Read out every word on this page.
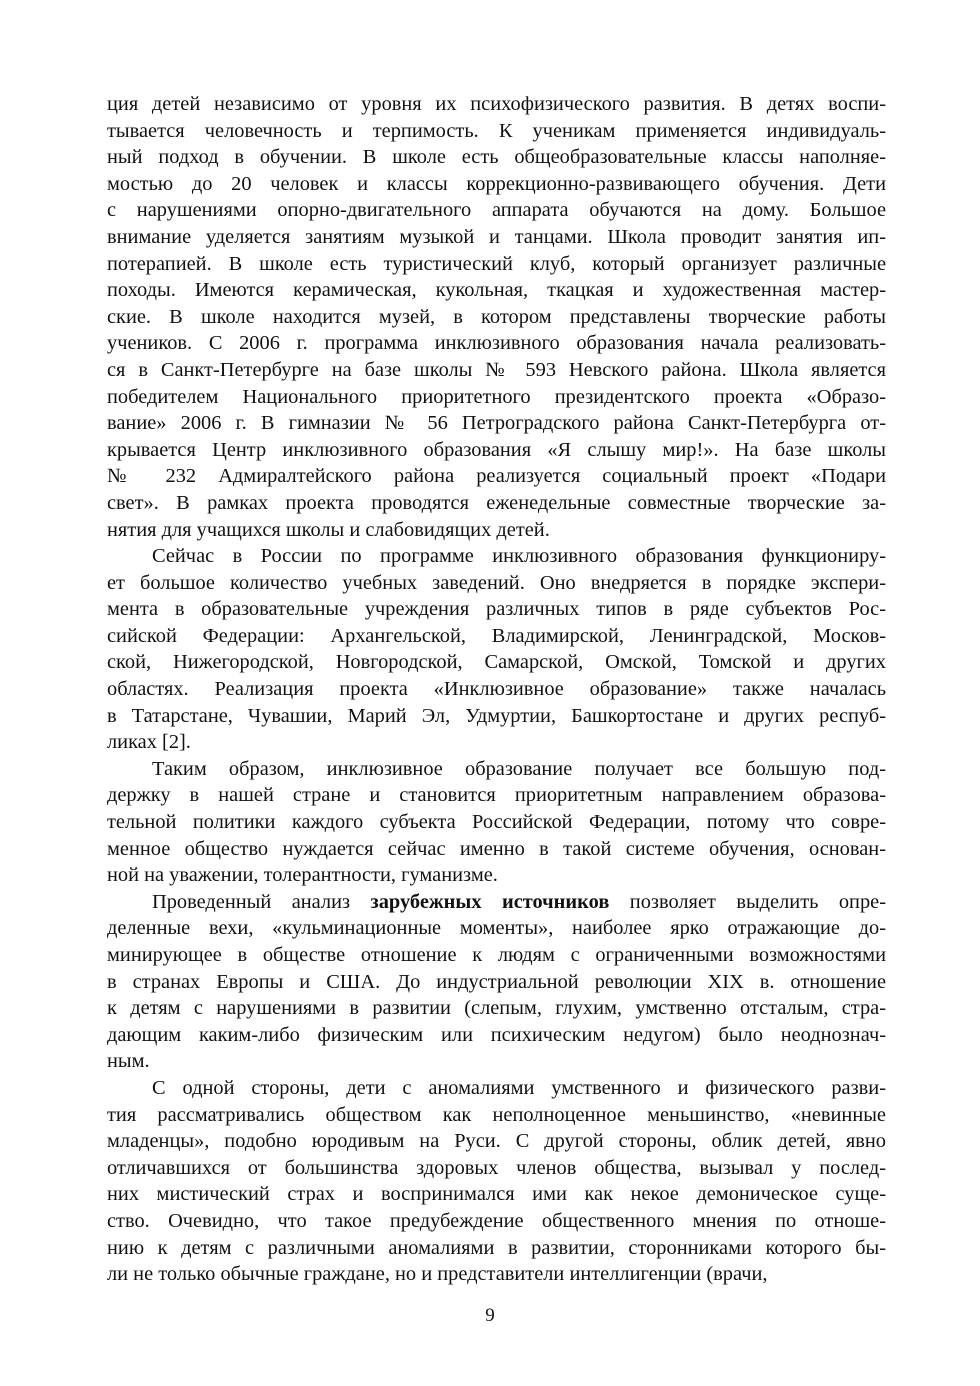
ция детей независимо от уровня их психофизического развития. В детях воспи-
тывается человечность и терпимость. К ученикам применяется индивидуаль-
ный подход в обучении. В школе есть общеобразовательные классы наполняе-
мостью до 20 человек и классы коррекционно-развивающего обучения. Дети
с нарушениями опорно-двигательного аппарата обучаются на дому. Большое
внимание уделяется занятиям музыкой и танцами. Школа проводит занятия ип-
потерапией. В школе есть туристический клуб, который организует различные
походы. Имеются керамическая, кукольная, ткацкая и художественная мастер-
ские. В школе находится музей, в котором представлены творческие работы
учеников. С 2006 г. программа инклюзивного образования начала реализовать-
ся в Санкт-Петербурге на базе школы № 593 Невского района. Школа является
победителем Национального приоритетного президентского проекта «Образо-
вание» 2006 г. В гимназии № 56 Петроградского района Санкт-Петербурга от-
крывается Центр инклюзивного образования «Я слышу мир!». На базе школы
№ 232 Адмиралтейского района реализуется социальный проект «Подари
свет». В рамках проекта проводятся еженедельные совместные творческие за-
нятия для учащихся школы и слабовидящих детей.
Сейчас в России по программе инклюзивного образования функциониру-
ет большое количество учебных заведений. Оно внедряется в порядке экспери-
мента в образовательные учреждения различных типов в ряде субъектов Рос-
сийской Федерации: Архангельской, Владимирской, Ленинградской, Москов-
ской, Нижегородской, Новгородской, Самарской, Омской, Томской и других
областях. Реализация проекта «Инклюзивное образование» также началась
в Татарстане, Чувашии, Марий Эл, Удмуртии, Башкортостане и других респуб-
ликах [2].
Таким образом, инклюзивное образование получает все большую под-
держку в нашей стране и становится приоритетным направлением образова-
тельной политики каждого субъекта Российской Федерации, потому что совре-
менное общество нуждается сейчас именно в такой системе обучения, основан-
ной на уважении, толерантности, гуманизме.
Проведенный анализ зарубежных источников позволяет выделить опре-
деленные вехи, «кульминационные моменты», наиболее ярко отражающие до-
минирующее в обществе отношение к людям с ограниченными возможностями
в странах Европы и США. До индустриальной революции XIX в. отношение
к детям с нарушениями в развитии (слепым, глухим, умственно отсталым, стра-
дающим каким-либо физическим или психическим недугом) было неоднознач-
ным.
С одной стороны, дети с аномалиями умственного и физического разви-
тия рассматривались обществом как неполноценное меньшинство, «невинные
младенцы», подобно юродивым на Руси. С другой стороны, облик детей, явно
отличавшихся от большинства здоровых членов общества, вызывал у послед-
них мистический страх и воспринимался ими как некое демоническое суще-
ство. Очевидно, что такое предубеждение общественного мнения по отноше-
нию к детям с различными аномалиями в развитии, сторонниками которого бы-
ли не только обычные граждане, но и представители интеллигенции (врачи,
9
